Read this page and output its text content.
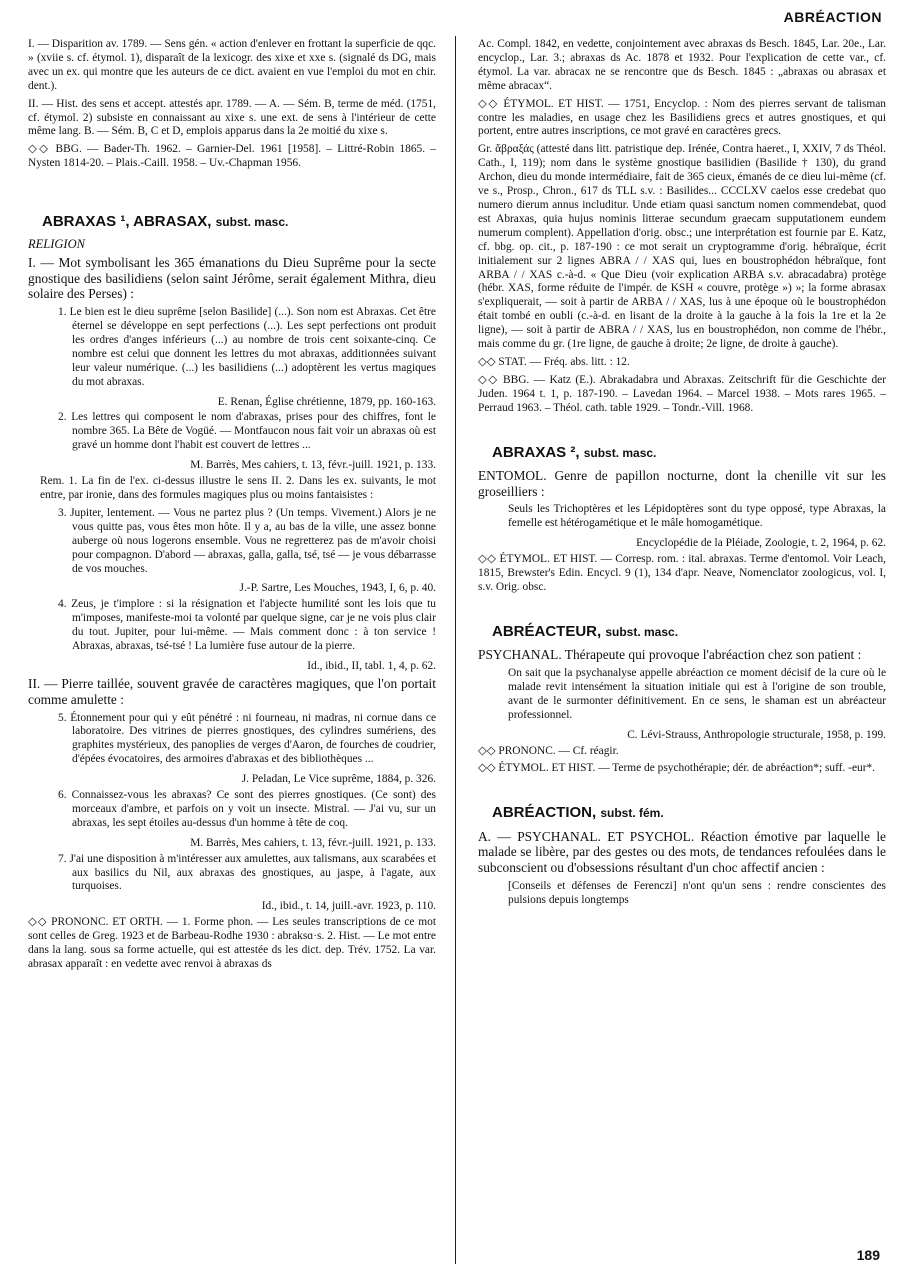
ABRÉACTION

I. — Disparition av. 1789. — Sens gén. « action d'enlever en frottant la superficie de qqc. » (xviie s. cf. étymol. 1), disparaît de la lexicogr. des xixe et xxe s. (signalé ds DG, mais avec un ex. qui montre que les auteurs de ce dict. avaient en vue l'emploi du mot en chir. dent.).

II. — Hist. des sens et accept. attestés apr. 1789. — A. — Sém. B, terme de méd. (1751, cf. étymol. 2) subsiste en connaissant au xixe s. une ext. de sens à l'intérieur de cette même lang. B. — Sém. B, C et D, emplois apparus dans la 2e moitié du xixe s.

◇◇ BBG. — Bader-Th. 1962. – Garnier-Del. 1961 [1958]. – Littré-Robin 1865. – Nysten 1814-20. – Plais.-Caill. 1958. – Uv.-Chapman 1956.

ABRAXAS ¹, ABRASAX, subst. masc.
RELIGION

I. — Mot symbolisant les 365 émanations du Dieu Suprême pour la secte gnostique des basilidiens (selon saint Jérôme, serait également Mithra, dieu solaire des Perses) :

1. Le bien est le dieu suprême [selon Basilide] (...). Son nom est Abraxas. Cet être éternel se développe en sept perfections (...). Les sept perfections ont produit les ordres d'anges inférieurs (...) au nombre de trois cent soixante-cinq. Ce nombre est celui que donnent les lettres du mot abraxas, additionnées suivant leur valeur numérique. (...) les basilidiens (...) adoptèrent les vertus magiques du mot abraxas.

E. Renan, Église chrétienne, 1879, pp. 160-163.

2. Les lettres qui composent le nom d'abraxas, prises pour des chiffres, font le nombre 365. La Bête de Vogüé. — Montfaucon nous fait voir un abraxas où est gravé un homme dont l'habit est couvert de lettres ...

M. Barrès, Mes cahiers, t. 13, févr.-juill. 1921, p. 133.

Rem. 1. La fin de l'ex. ci-dessus illustre le sens II. 2. Dans les ex. suivants, le mot entre, par ironie, dans des formules magiques plus ou moins fantaisistes :

3. Jupiter, lentement. — Vous ne partez plus ? (Un temps. Vivement.) Alors je ne vous quitte pas, vous êtes mon hôte. Il y a, au bas de la ville, une assez bonne auberge où nous logerons ensemble. Vous ne regretterez pas de m'avoir choisi pour compagnon. D'abord — abraxas, galla, galla, tsé, tsé — je vous débarrasse de vos mouches.

J.-P. Sartre, Les Mouches, 1943, I, 6, p. 40.

4. Zeus, je t'implore : si la résignation et l'abjecte humilité sont les lois que tu m'imposes, manifeste-moi ta volonté par quelque signe, car je ne vois plus clair du tout. Jupiter, pour lui-même. — Mais comment donc : à ton service ! Abraxas, abraxas, tsé-tsé ! La lumière fuse autour de la pierre.

Id., ibid., II, tabl. 1, 4, p. 62.

II. — Pierre taillée, souvent gravée de caractères magiques, que l'on portait comme amulette :

5. Étonnement pour qui y eût pénétré : ni fourneau, ni madras, ni cornue dans ce laboratoire. Des vitrines de pierres gnostiques, des cylindres sumériens, des graphites mystérieux, des panoplies de verges d'Aaron, de fourches de coudrier, d'épées évocatoires, des armoires d'abraxas et des bibliothèques ...

J. Peladan, Le Vice suprême, 1884, p. 326.

6. Connaissez-vous les abraxas? Ce sont des pierres gnostiques. (Ce sont) des morceaux d'ambre, et parfois on y voit un insecte. Mistral. — J'ai vu, sur un abraxas, les sept étoiles au-dessus d'un homme à tête de coq.

M. Barrès, Mes cahiers, t. 13, févr.-juill. 1921, p. 133.

7. J'ai une disposition à m'intéresser aux amulettes, aux talismans, aux scarabées et aux basilics du Nil, aux abraxas des gnostiques, au jaspe, à l'agate, aux turquoises.

Id., ibid., t. 14, juill.-avr. 1923, p. 110.

◇◇ PRONONC. ET ORTH. — 1. Forme phon. — Les seules transcriptions de ce mot sont celles de Greg. 1923 et de Barbeau-Rodhe 1930 : abraksɑ·s. 2. Hist. — Le mot entre dans la lang. sous sa forme actuelle, qui est attestée ds les dict. dep. Trév. 1752. La var. abrasax apparaît : en vedette avec renvoi à abraxas ds

Ac. Compl. 1842, en vedette, conjointement avec abraxas ds Besch. 1845, Lar. 20e., Lar. encyclop., Lar. 3.; abraxas ds Ac. 1878 et 1932. Pour l'explication de cette var., cf. étymol. La var. abracax ne se rencontre que ds Besch. 1845 : „abraxas ou abrasax et même abracax“.

◇◇ ÉTYMOL. ET HIST. — 1751, Encyclop. : Nom des pierres servant de talisman contre les maladies, en usage chez les Basilidiens grecs et autres gnostiques, et qui portent, entre autres inscriptions, ce mot gravé en caractères grecs.

Gr. ἄβραξάς (attesté dans litt. patristique dep. Irénée, Contra haeret., I, XXIV, 7 ds Théol. Cath., I, 119); nom dans le système gnostique basilidien (Basilide † 130), du grand Archon, dieu du monde intermédiaire, fait de 365 cieux, émanés de ce dieu lui-même (cf. ve s., Prosp., Chron., 617 ds TLL s.v. : Basilides... CCCLXV caelos esse credebat quo numero dierum annus includitur. Unde etiam quasi sanctum nomen commendebat, quod est Abraxas, quia hujus nominis litterae secundum graecam supputationem eundem numerum complent). Appellation d'orig. obsc.; une interprétation est fournie par E. Katz, cf. bbg. op. cit., p. 187-190 : ce mot serait un cryptogramme d'orig. hébraïque, écrit initialement sur 2 lignes ABRA / / XAS qui, lues en boustrophédon hébraïque, font ARBA / / XAS c.-à-d. « Que Dieu (voir explication ARBA s.v. abracadabra) protège (hébr. XAS, forme réduite de l'impér. de KSH « couvre, protège ») »; la forme abrasax s'expliquerait, — soit à partir de ARBA / / XAS, lus à une époque où le boustrophédon était tombé en oubli (c.-à-d. en lisant de la droite à la gauche à la fois la 1re et la 2e ligne), — soit à partir de ABRA / / XAS, lus en boustrophédon, non comme de l'hébr., mais comme du gr. (1re ligne, de gauche à droite; 2e ligne, de droite à gauche).

◇◇ STAT. — Fréq. abs. litt. : 12.

◇◇ BBG. — Katz (E.). Abrakadabra und Abraxas. Zeitschrift für die Geschichte der Juden. 1964 t. 1, p. 187-190. – Lavedan 1964. – Marcel 1938. – Mots rares 1965. – Perraud 1963. – Théol. cath. table 1929. – Tondr.-Vill. 1968.

ABRAXAS ², subst. masc.

ENTOMOL. Genre de papillon nocturne, dont la chenille vit sur les groseilliers :

Seuls les Trichoptères et les Lépidoptères sont du type opposé, type Abraxas, la femelle est hétérogamétique et le mâle homogamétique.

Encyclopédie de la Pléiade, Zoologie, t. 2, 1964, p. 62.

◇◇ ÉTYMOL. ET HIST. — Corresp. rom. : ital. abraxas. Terme d'entomol. Voir Leach, 1815, Brewster's Edin. Encycl. 9 (1), 134 d'apr. Neave, Nomenclator zoologicus, vol. I, s.v. Orig. obsc.

ABRÉACTEUR, subst. masc.

PSYCHANAL. Thérapeute qui provoque l'abréaction chez son patient :

On sait que la psychanalyse appelle abréaction ce moment décisif de la cure où le malade revit intensément la situation initiale qui est à l'origine de son trouble, avant de le surmonter définitivement. En ce sens, le shaman est un abréacteur professionnel.

C. Lévi-Strauss, Anthropologie structurale, 1958, p. 199.

◇◇ PRONONC. — Cf. réagir.

◇◇ ÉTYMOL. ET HIST. — Terme de psychothérapie; dér. de abréaction*; suff. -eur*.

ABRÉACTION, subst. fém.

A. — PSYCHANAL. ET PSYCHOL. Réaction émotive par laquelle le malade se libère, par des gestes ou des mots, de tendances refoulées dans le subconscient ou d'obsessions résultant d'un choc affectif ancien :

[Conseils et défenses de Ferenczi] n'ont qu'un sens : rendre conscientes des pulsions depuis longtemps

189
